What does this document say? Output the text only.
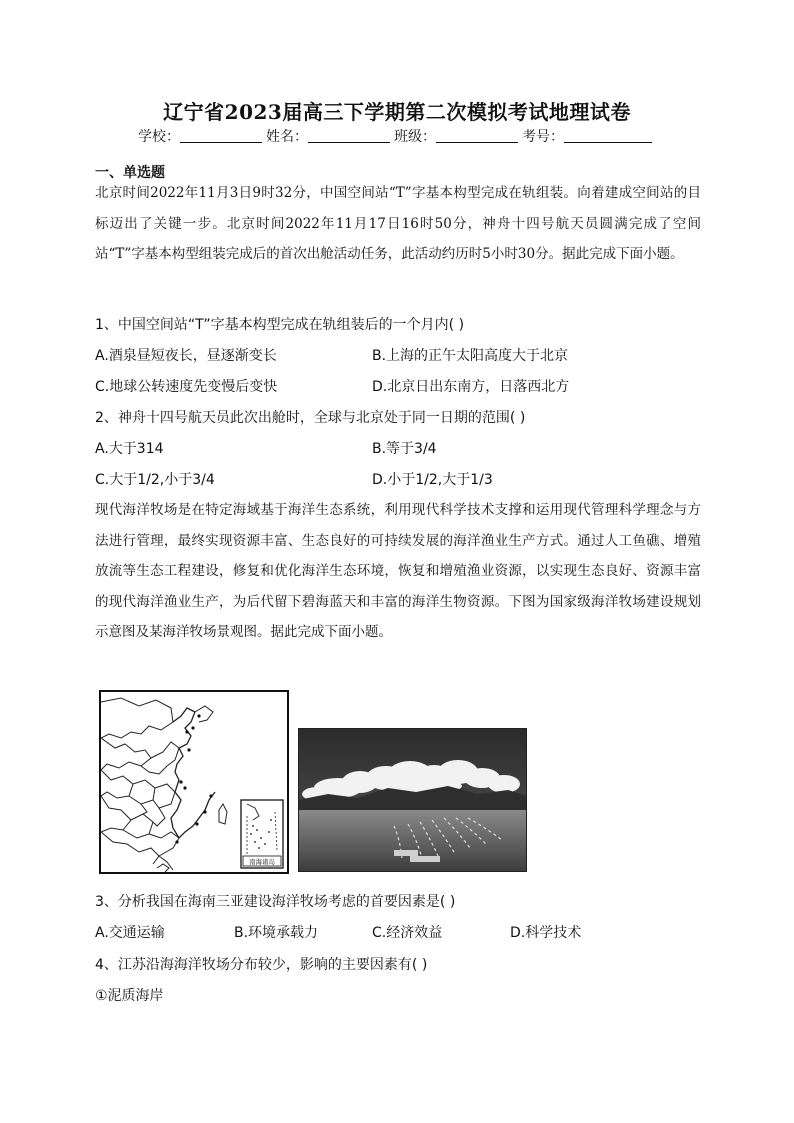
辽宁省2023届高三下学期第二次模拟考试地理试卷
学校：	姓名：	班级：	考号：
一、单选题
北京时间2022年11月3日9时32分，中国空间站“T”字基本构型完成在轨组装。向着建成空间站的目标迈出了关键一步。北京时间2022年11月17日16时50分，神舟十四号航天员圆满完成了空间站“T”字基本构型组装完成后的首次出舱活动任务，此活动约历时5小时30分。据此完成下面小题。
1、中国空间站“T”字基本构型完成在轨组装后的一个月内( )
A.酒泉昼短夜长，昼逐渐变长	B.上海的正午太阳高度大于北京
C.地球公转速度先变慢后变快	D.北京日出东南方，日落西北方
2、神舟十四号航天员此次出舱时，全球与北京处于同一日期的范围( )
A.大于314	B.等于3/4
C.大于1/2,小于3/4	D.小于1/2,大于1/3
现代海洋牧场是在特定海域基于海洋生态系统，利用现代科学技术支撑和运用现代管理科学理念与方法进行管理，最终实现资源丰富、生态良好的可持续发展的海洋渔业生产方式。通过人工鱼礁、增殖放流等生态工程建设，修复和优化海洋生态环境，恢复和增殖渔业资源，以实现生态良好、资源丰富的现代海洋渔业生产，为后代留下碧海蓝天和丰富的海洋生物资源。下图为国家级海洋牧场建设规划示意图及某海洋牧场景观图。据此完成下面小题。
南海诸岛
3、分析我国在海南三亚建设海洋牧场考虑的首要因素是( )
A.交通运输	B.环境承载力	C.经济效益	D.科学技术
4、江苏沿海海洋牧场分布较少，影响的主要因素有( )
①泥质海岸
